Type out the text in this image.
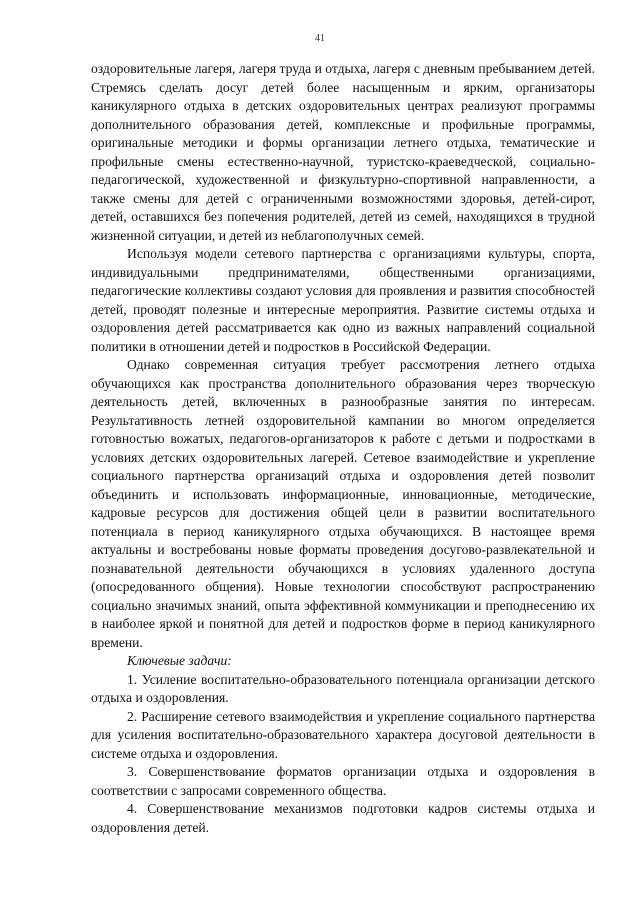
41

оздоровительные лагеря, лагеря труда и отдыха, лагеря с дневным пребыванием детей. Стремясь сделать досуг детей более насыщенным и ярким, организаторы каникулярного отдыха в детских оздоровительных центрах реализуют программы дополнительного образования детей, комплексные и профильные программы, оригинальные методики и формы организации летнего отдыха, тематические и профильные смены естественно-научной, туристско-краеведческой, социально-педагогической, художественной и физкультурно-спортивной направленности, а также смены для детей с ограниченными возможностями здоровья, детей-сирот, детей, оставшихся без попечения родителей, детей из семей, находящихся в трудной жизненной ситуации, и детей из неблагополучных семей.

Используя модели сетевого партнерства с организациями культуры, спорта, индивидуальными предпринимателями, общественными организациями, педагогические коллективы создают условия для проявления и развития способностей детей, проводят полезные и интересные мероприятия. Развитие системы отдыха и оздоровления детей рассматривается как одно из важных направлений социальной политики в отношении детей и подростков в Российской Федерации.

Однако современная ситуация требует рассмотрения летнего отдыха обучающихся как пространства дополнительного образования через творческую деятельность детей, включенных в разнообразные занятия по интересам. Результативность летней оздоровительной кампании во многом определяется готовностью вожатых, педагогов-организаторов к работе с детьми и подростками в условиях детских оздоровительных лагерей. Сетевое взаимодействие и укрепление социального партнерства организаций отдыха и оздоровления детей позволит объединить и использовать информационные, инновационные, методические, кадровые ресурсов для достижения общей цели в развитии воспитательного потенциала в период каникулярного отдыха обучающихся. В настоящее время актуальны и востребованы новые форматы проведения досугово-развлекательной и познавательной деятельности обучающихся в условиях удаленного доступа (опосредованного общения). Новые технологии способствуют распространению социально значимых знаний, опыта эффективной коммуникации и преподнесению их в наиболее яркой и понятной для детей и подростков форме в период каникулярного времени.

Ключевые задачи:

1. Усиление воспитательно-образовательного потенциала организации детского отдыха и оздоровления.

2. Расширение сетевого взаимодействия и укрепление социального партнерства для усиления воспитательно-образовательного характера досуговой деятельности в системе отдыха и оздоровления.

3. Совершенствование форматов организации отдыха и оздоровления в соответствии с запросами современного общества.

4. Совершенствование механизмов подготовки кадров системы отдыха и оздоровления детей.
